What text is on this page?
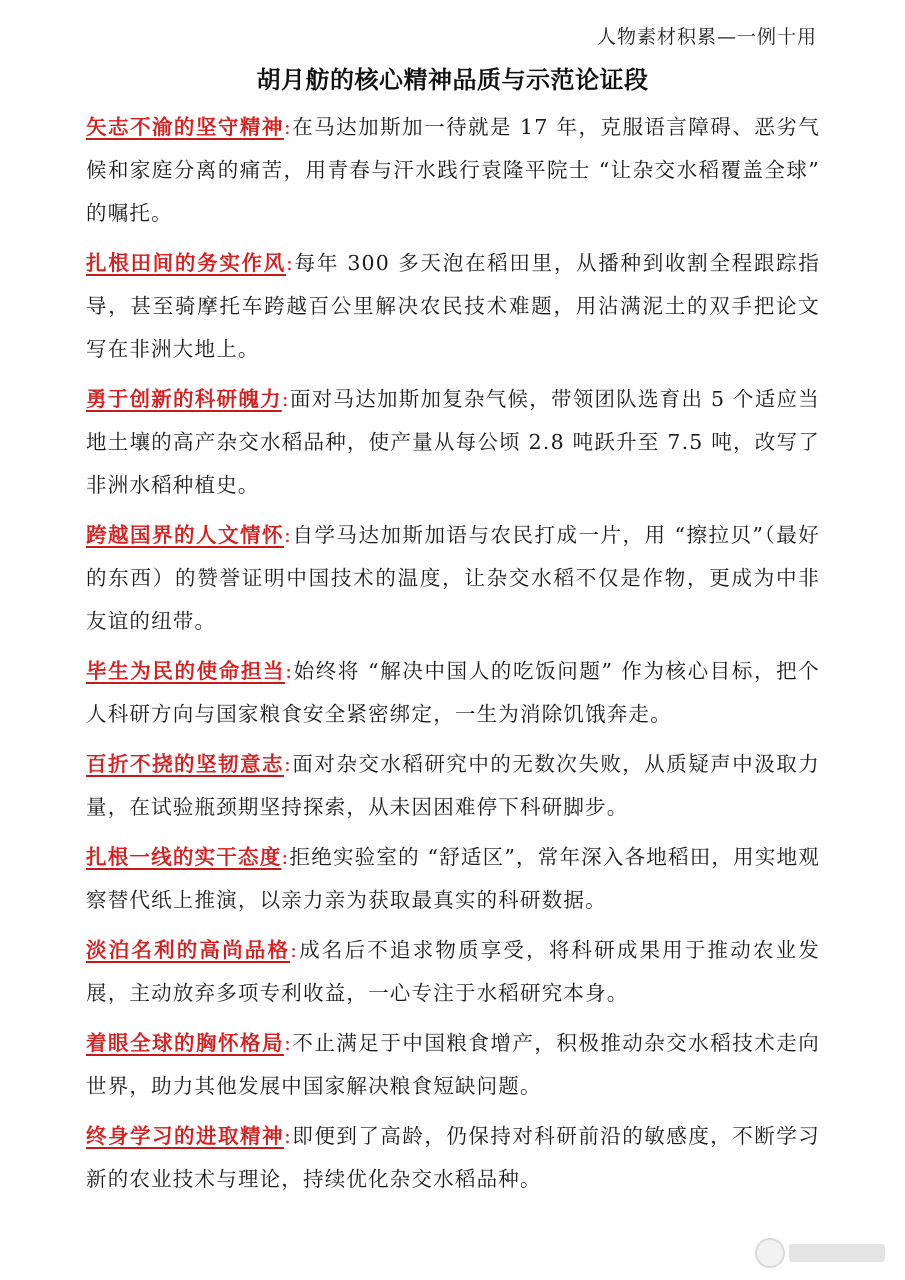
人物素材积累—一例十用
胡月舫的核心精神品质与示范论证段

矢志不渝的坚守精神:在马达加斯加一待就是 17 年，克服语言障碍、恶劣气候和家庭分离的痛苦，用青春与汗水践行袁隆平院士 “让杂交水稻覆盖全球” 的嘱托。

扎根田间的务实作风:每年 300 多天泡在稻田里，从播种到收割全程跟踪指导，甚至骑摩托车跨越百公里解决农民技术难题，用沾满泥土的双手把论文写在非洲大地上。

勇于创新的科研魄力:面对马达加斯加复杂气候，带领团队选育出 5 个适应当地土壤的高产杂交水稻品种，使产量从每公顷 2.8 吨跃升至 7.5 吨，改写了非洲水稻种植史。

跨越国界的人文情怀:自学马达加斯加语与农民打成一片，用 “擦拉贝”（最好的东西）的赞誉证明中国技术的温度，让杂交水稻不仅是作物，更成为中非友谊的纽带。

毕生为民的使命担当:始终将 “解决中国人的吃饭问题” 作为核心目标，把个人科研方向与国家粮食安全紧密绑定，一生为消除饥饿奔走。

百折不挠的坚韧意志:面对杂交水稻研究中的无数次失败，从质疑声中汲取力量，在试验瓶颈期坚持探索，从未因困难停下科研脚步。

扎根一线的实干态度:拒绝实验室的 “舒适区”，常年深入各地稻田，用实地观察替代纸上推演，以亲力亲为获取最真实的科研数据。

淡泊名利的高尚品格:成名后不追求物质享受，将科研成果用于推动农业发展，主动放弃多项专利收益，一心专注于水稻研究本身。

着眼全球的胸怀格局:不止满足于中国粮食增产，积极推动杂交水稻技术走向世界，助力其他发展中国家解决粮食短缺问题。

终身学习的进取精神:即便到了高龄，仍保持对科研前沿的敏感度，不断学习新的农业技术与理论，持续优化杂交水稻品种。
